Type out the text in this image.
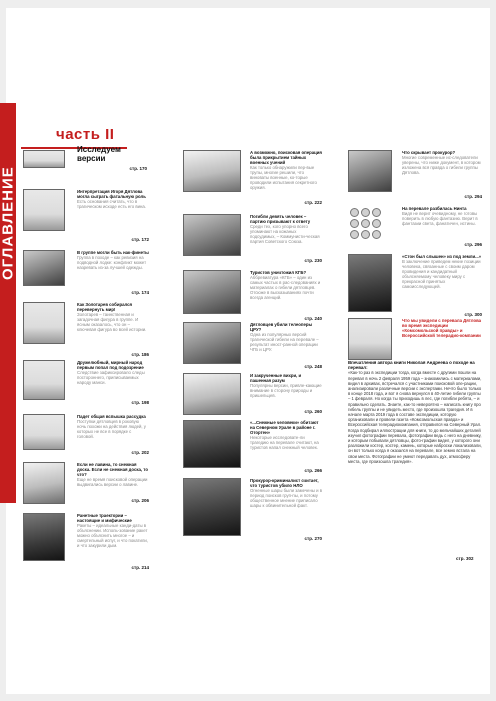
ОГЛАВЛЕНИЕ
часть II
Исследуем версии
стр. 170
Интерпретация Игоря Дятлова могла сыграть фатальную роль
Есть основания считать, что в трагическом исходе есть его вина.
стр. 172
В группе могли быть нак-финеты
Группа в походе – как ревизия на подводной лодке: конфликт может назревать из-за лучшей одежды.
стр. 174
Как Золотарев собирался перевернуть мир!
Золотарев – таинственная и загадочная фигура в группе. И ясным оказалось, что он – ключевая фигура во всей истории.
стр. 186
Дружелюбный, мирный народ первым попал под подозрение
Следствие зафиксировало следы постороннего, приписываемых народу манси.
стр. 198
Падет общая вспышка рассудка
Поступки дятловцев в роковую ночь похожи на действия людей, у которых не все в порядке с головой.
стр. 202
Если не лавина, то снежная доска. Если не снежная доска, то что?
Еще не время поисковой операции выдвигались версии о лавине.
стр. 206
Ранетные траектории – настоящие и мифические
Ракеты – идеальные канди-даты в объяснении. Исполь-зование ракет можно объяснить многое – и смертельный испуг, и что покатили, и что закурили дым.
стр. 214
А возможно, поисковая операция была прикрытием тайных военных учений
Как только обнаружили пер-вые трупы, многие решили, что виноваты военные, ко-торые проводили испытания секретного оружия.
стр. 222
Погибли девять человек – партию призывают к ответу
Среди тех, кого упорно всего упоминают на кожаных подсудимых, – Коммунисти-ческая партия Советского Союза.
стр. 230
Туристов уничтожил КГБ?
Аббревиатура «КГБ» – один из самых частых в рас-следованиях и материалах о гибели дятловцев. Отсюже в высказываниях почти всегда агенций.
стр. 240
Дятловцев убили телеоперы ЦРУ?
Одна из популярных версий трагической гибели на перевале – результат иност-ранной операции ЧГБ и ЦРУ.
стр. 248
И закрученные вихри, и пашенная разум
Популярны версии, привле-кающие внимание в сторону природы и пришельцев.
стр. 260
«...Снежные человеки» обитают на Северном Урале в районе г. Отортен»
Некоторые исследовате-ли трагедию на перевале считают, на туристов напал снежный человек.
стр. 266
Прокурор-криминалист считает, что туристов убило НЛО
Огненные шары были замечены и в период поисков груп-пы, и потому общественное мнение приписало шары к обвинительной факт.
стр. 270
Что скрывает прокурор?
Многие современные ис-следователи уверены, что ниже документ, в котором изложена вся правда о гибели группы Дятлова.
стр. 294
На перевале разбилась Нинта
Видя не верит очевидному, не готовы поверить в любую фантазию. Верит в фантазии света, фанатичен, истины.
стр. 296
«Стон был слышен» из под земли...»
В заключение приведем некие позиции человека, связанные с своим даром провидения и кандидатный объясняемому человеку миру с прекрасной принятых самоисследующей.
стр. 300
Что мы увидели с перевала Дятлова во время экспедиции «Комсомольской правды» и Всероссийской телерадио-компании
Впечатления автора книги Николая Андреева о походе на перевал:

«Как-то раз в экспедиции тогда, когда вместе с другими пошли на перевал в ночь 2 февраля 1959 года – знакомились с материалами, видел в архивах, встречался с участниками поисковой опе-рации, анализировали различные версии с экспертами. Нечто было только в конце 2018 года, и вот я снова вернулся в 40-летие гибели группы – 1 февраля. Но когда ты приходишь в лес, где погибли ребята, – и правильно сделать. Знаете, как-то невероятно – написать книгу про гибель группы и не увидеть место, где произошла трагедия. И в начале марта 2019 года в составе экспедиции, которую организовали и провели газета «Комсомольская правда» и Всероссийская телерадиокомпания, отправился на Северный Урал. Когда подбирал иллюстрации для книги, то до мельчайших деталей изучил фотографии перевала, фотографии ведь с него на дневнику, и которым побывали дятловцы, фото-графии видел, у которого они разложили костер, костер, камень, которые наброски локализовали, он вот только когда я оказался на перевале, все земно встала на свои места. Фотографии не умеют передавать дух, атмосферу места, где произошла трагедия».

стр. 302
